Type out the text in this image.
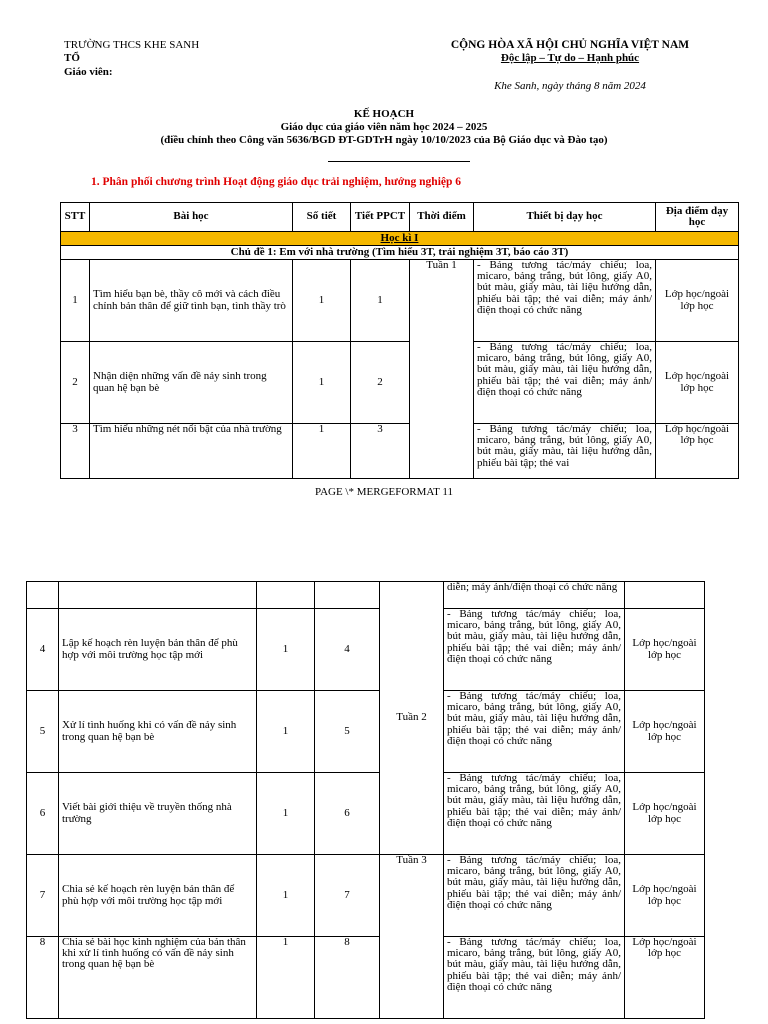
TRƯỜNG THCS KHE SANH
TỔ
Giáo viên:
CỘNG HÒA XÃ HỘI CHỦ NGHĨA VIỆT NAM
Độc lập – Tự do – Hạnh phúc
Khe Sanh, ngày tháng 8 năm 2024
KẾ HOẠCH
Giáo dục của giáo viên năm học 2024 – 2025
(điều chỉnh theo Công văn 5636/BGD ĐT-GDTrH ngày 10/10/2023 của Bộ Giáo dục và Đào tạo)
1. Phân phối chương trình Hoạt động giáo dục trải nghiệm, hướng nghiệp 6
STT	Bài học	Số tiết	Tiết PPCT	Thời điểm	Thiết bị dạy học	Địa điểm dạy học
Học kì I						
Chủ đề 1: Em với nhà trường (Tìm hiểu 3T, trải nghiệm 3T, báo cáo 3T)						
1	Tìm hiểu bạn bè, thầy cô mới và cách điều chỉnh bản thân để giữ tình bạn, tình thầy trò	1	1	Tuần 1	- Bảng tương tác/máy chiếu; loa, micaro, bảng trắng, bút lông, giấy A0, bút màu, giấy màu, tài liệu hướng dẫn, phiếu bài tập; thẻ vai diễn; máy ảnh/điện thoại có chức năng	Lớp học/ngoài lớp học
2	Nhận diện những vấn đề nảy sinh trong quan hệ bạn bè	1	2		- Bảng tương tác/máy chiếu; loa, micaro, bảng trắng, bút lông, giấy A0, bút màu, giấy màu, tài liệu hướng dẫn, phiếu bài tập; thẻ vai diễn; máy ảnh/điện thoại có chức năng	Lớp học/ngoài lớp học
3	Tìm hiểu những nét nổi bật của nhà trường	1	3		- Bảng tương tác/máy chiếu; loa, micaro, bảng trắng, bút lông, giấy A0, bút màu, giấy màu, tài liệu hướng dẫn, phiếu bài tập; thẻ vai	Lớp học/ngoài lớp học
PAGE \* MERGEFORMAT 11
				Tuần 2	diễn; máy ảnh/điện thoại có chức năng	
4	Lập kế hoạch rèn luyện bản thân để phù hợp với môi trường học tập mới	1	4		- Bảng tương tác/máy chiếu; loa, micaro, bảng trắng, bút lông, giấy A0, bút màu, giấy màu, tài liệu hướng dẫn, phiếu bài tập; thẻ vai diễn; máy ảnh/điện thoại có chức năng	Lớp học/ngoài lớp học
5	Xử lí tình huống khi có vấn đề nảy sinh trong quan hệ bạn bè	1	5		- Bảng tương tác/máy chiếu; loa, micaro, bảng trắng, bút lông, giấy A0, bút màu, giấy màu, tài liệu hướng dẫn, phiếu bài tập; thẻ vai diễn; máy ảnh/điện thoại có chức năng	Lớp học/ngoài lớp học
6	Viết bài giới thiệu về truyền thống nhà trường	1	6		- Bảng tương tác/máy chiếu; loa, micaro, bảng trắng, bút lông, giấy A0, bút màu, giấy màu, tài liệu hướng dẫn, phiếu bài tập; thẻ vai diễn; máy ảnh/điện thoại có chức năng	Lớp học/ngoài lớp học
7	Chia sẻ kế hoạch rèn luyện bản thân để phù hợp với môi trường học tập mới	1	7	Tuần 3	- Bảng tương tác/máy chiếu; loa, micaro, bảng trắng, bút lông, giấy A0, bút màu, giấy màu, tài liệu hướng dẫn, phiếu bài tập; thẻ vai diễn; máy ảnh/điện thoại có chức năng	Lớp học/ngoài lớp học
8	Chia sẻ bài học kinh nghiệm của bản thân khi xử lí tình huống có vấn đề nảy sinh trong quan hệ bạn bè	1	8		- Bảng tương tác/máy chiếu; loa, micaro, bảng trắng, bút lông, giấy A0, bút màu, giấy màu, tài liệu hướng dẫn, phiếu bài tập; thẻ vai diễn; máy ảnh/điện thoại có chức năng	Lớp học/ngoài lớp học
